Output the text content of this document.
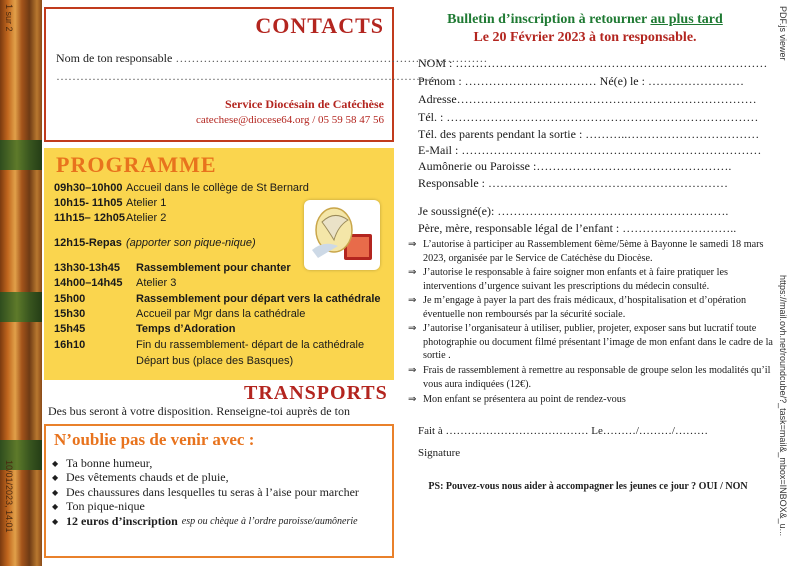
1 sur 2
10/01/2023, 14:01
CONTACTS
Nom de ton responsable ……………………………………………………………………
……………………………………………………………………………………
Service Diocésain de Catéchèse
catechese@diocese64.org / 05 59 58 47 56
PROGRAMME
09h30–10h00 Accueil dans le collège de St Bernard
10h15- 11h05 Atelier 1
11h15– 12h05Atelier 2
12h15-Repas (apporter son pique-nique)
13h30-13h45 Rassemblement pour chanter
14h00–14h45 Atelier 3
15h00	Rassemblement pour départ vers la cathédrale
15h30	Accueil par Mgr dans la cathédrale
15h45	Temps d’Adoration
16h10	Fin du rassemblement- départ de la cathédrale
Départ bus (place des Basques)
TRANSPORTS
Des bus seront à votre disposition. Renseigne-toi auprès de ton
N’oublie pas de venir avec :
◆ Ta bonne humeur,
◆ Des vêtements chauds et de pluie,
◆ Des chaussures dans lesquelles tu seras à l’aise pour marcher
◆ Ton pique-nique
◆ 12 euros d’inscription esp ou chèque à l’ordre paroisse/aumônerie
Bulletin d’inscription à retourner au plus tard
Le 20 Février 2023 à ton responsable.
NOM : ……………………………………………………………………
Prénom : …………………………… Né(e) le : ……………………
Adresse…………………………………………………………………
Tél. : ……………………………………………………………………
Tél. des parents pendant la sortie : ………..……………………………
E-Mail : …………………………………………………………………
Aumônerie ou Paroisse :………………………………………….
Responsable : ……………………………………………………
Je soussigné(e): ………………………………………………….
Père, mère, responsable légal de l’enfant : ………………………..
⇒ L’autorise à participer au Rassemblement 6ème/5ème à Bayonne le samedi 18 mars 2023, organisée par le Service de Catéchèse du Diocèse.
⇒ J’autorise le responsable à faire soigner mon enfants et à faire pratiquer les interventions d’urgence suivant les prescriptions du médecin consulté.
⇒ Je m’engage à payer la part des frais médicaux, d’hospitalisation et d’opération éventuelle non remboursés par la sécurité sociale.
⇒ J’autorise l’organisateur à utiliser, publier, projeter, exposer sans but lucratif toute photographie ou document filmé présentant l’image de mon enfant dans le cadre de la sortie .
⇒ Frais de rassemblement à remettre au responsable de groupe selon les modalités qu’il vous aura indiquées (12€).
⇒ Mon enfant se présentera au point de rendez-vous
Fait à ………………………………… Le………/………/………
Signature
PS: Pouvez-vous nous aider à accompagner les jeunes ce jour ? OUI / NON
PDF.js viewer
https://mail.ovh.net/roundcube/?_task=mail&_mbox=INBOX&_u...
